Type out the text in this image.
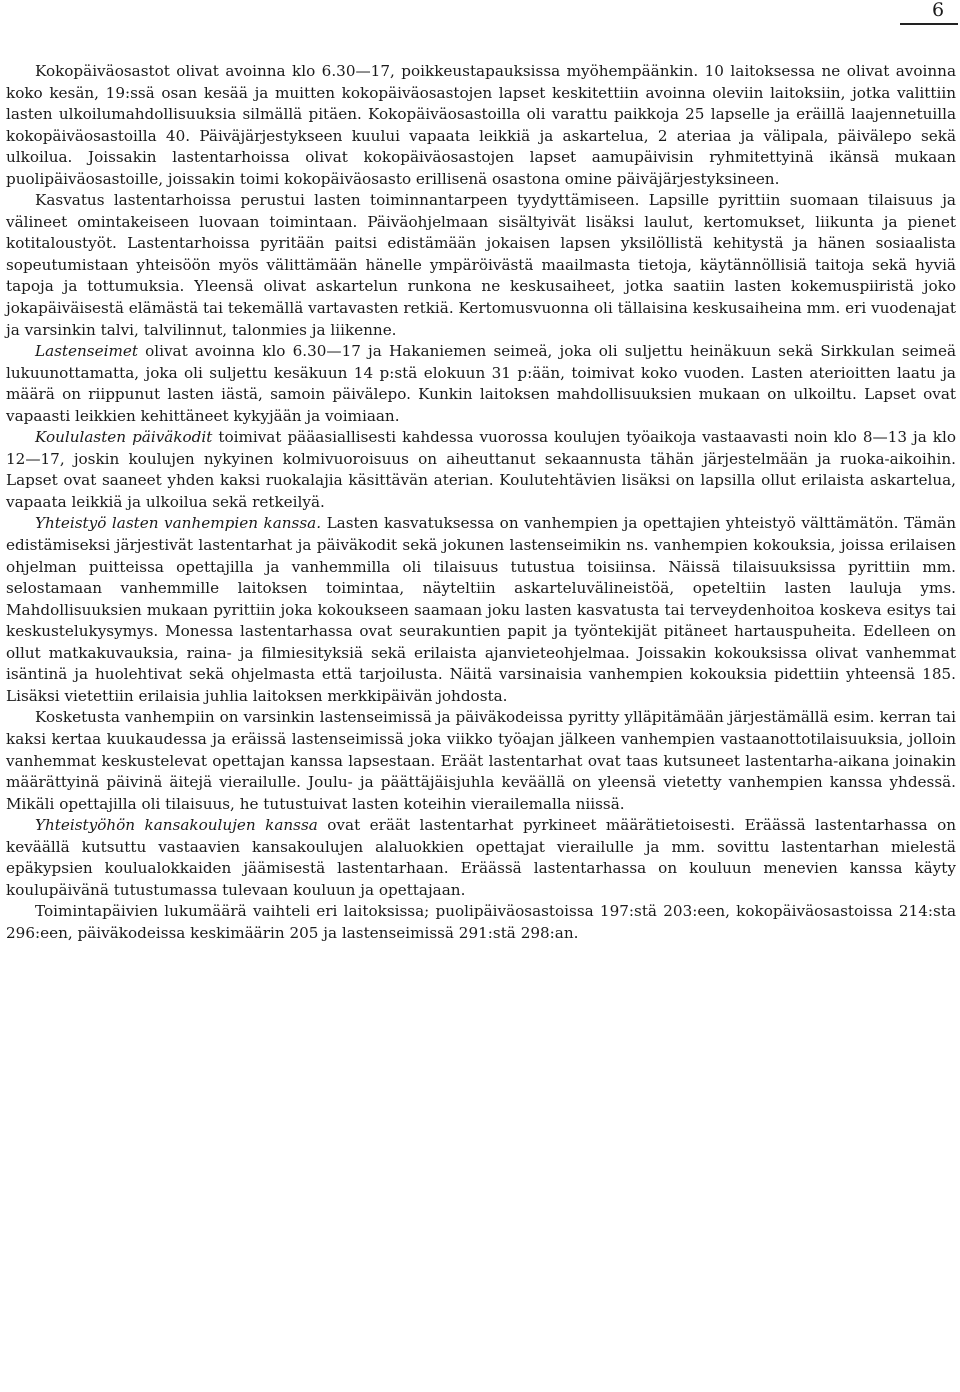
6

Kokopäiväosastot olivat avoinna klo 6.30—17, poikkeustapauksissa myöhempäänkin. 10 laitoksessa ne olivat avoinna koko kesän, 19:ssä osan kesää ja muitten kokopäiväosastojen lapset keskitettiin avoinna oleviin laitoksiin, jotka valittiin lasten ulkoilumahdollisuuksia silmällä pitäen. Kokopäiväosastoilla oli varattu paikkoja 25 lapselle ja eräillä laajennetuilla kokopäiväosastoilla 40. Päiväjärjestykseen kuului vapaata leikkiä ja askartelua, 2 ateriaa ja välipala, päivälepo sekä ulkoilua. Joissakin lastentarhoissa olivat kokopäiväosastojen lapset aamupäivisin ryhmitettyinä ikänsä mukaan puolipäiväosastoille, joissakin toimi kokopäiväosasto erillisenä osastona omine päiväjärjestyksineen.

Kasvatus lastentarhoissa perustui lasten toiminnantarpeen tyydyttämiseen. Lapsille pyrittiin suomaan tilaisuus ja välineet omintakeiseen luovaan toimintaan. Päiväohjelmaan sisältyivät lisäksi laulut, kertomukset, liikunta ja pienet kotitaloustyöt. Lastentarhoissa pyritään paitsi edistämään jokaisen lapsen yksilöllistä kehitystä ja hänen sosiaalista sopeutumistaan yhteisöön myös välittämään hänelle ympäröivästä maailmasta tietoja, käytännöllisiä taitoja sekä hyviä tapoja ja tottumuksia. Yleensä olivat askartelun runkona ne keskusaiheet, jotka saatiin lasten kokemuspiiristä joko jokapäiväisestä elämästä tai tekemällä vartavasten retkiä. Kertomusvuonna oli tällaisina keskusaiheina mm. eri vuodenajat ja varsinkin talvi, talvilinnut, talonmies ja liikenne.

Lastenseimet olivat avoinna klo 6.30—17 ja Hakaniemen seimeä, joka oli suljettu heinäkuun sekä Sirkkulan seimeä lukuunottamatta, joka oli suljettu kesäkuun 14 p:stä elokuun 31 p:ään, toimivat koko vuoden. Lasten aterioitten laatu ja määrä on riippunut lasten iästä, samoin päivälepo. Kunkin laitoksen mahdollisuuksien mukaan on ulkoiltu. Lapset ovat vapaasti leikkien kehittäneet kykyjään ja voimiaan.

Koululasten päiväkodit toimivat pääasiallisesti kahdessa vuorossa koulujen työaikoja vastaavasti noin klo 8—13 ja klo 12—17, joskin koulujen nykyinen kolmivuoroisuus on aiheuttanut sekaannusta tähän järjestelmään ja ruoka-aikoihin. Lapset ovat saaneet yhden kaksi ruokalajia käsittävän aterian. Koulutehtävien lisäksi on lapsilla ollut erilaista askartelua, vapaata leikkiä ja ulkoilua sekä retkeilyä.

Yhteistyö lasten vanhempien kanssa. Lasten kasvatuksessa on vanhempien ja opettajien yhteistyö välttämätön. Tämän edistämiseksi järjestivät lastentarhat ja päiväkodit sekä jokunen lastenseimikin ns. vanhempien kokouksia, joissa erilaisen ohjelman puitteissa opettajilla ja vanhemmilla oli tilaisuus tutustua toisiinsa. Näissä tilaisuuksissa pyrittiin mm. selostamaan vanhemmille laitoksen toimintaa, näyteltiin askarteluvälineistöä, opeteltiin lasten lauluja yms. Mahdollisuuksien mukaan pyrittiin joka kokoukseen saamaan joku lasten kasvatusta tai terveydenhoitoa koskeva esitys tai keskustelukysymys. Monessa lastentarhassa ovat seurakuntien papit ja työntekijät pitäneet hartauspuheita. Edelleen on ollut matkakuvauksia, raina- ja filmiesityksiä sekä erilaista ajanvieteohjelmaa. Joissakin kokouksissa olivat vanhemmat isäntinä ja huolehtivat sekä ohjelmasta että tarjoilusta. Näitä varsinaisia vanhempien kokouksia pidettiin yhteensä 185. Lisäksi vietettiin erilaisia juhlia laitoksen merkkipäivän johdosta.

Kosketusta vanhempiin on varsinkin lastenseimissä ja päiväkodeissa pyritty ylläpitämään järjestämällä esim. kerran tai kaksi kertaa kuukaudessa ja eräissä lastenseimissä joka viikko työajan jälkeen vanhempien vastaanottotilaisuuksia, jolloin vanhemmat keskustelevat opettajan kanssa lapsestaan. Eräät lastentarhat ovat taas kutsuneet lastentarha-aikana joinakin määrättyinä päivinä äitejä vierailulle. Joulu- ja päättäjäisjuhla keväällä on yleensä vietetty vanhempien kanssa yhdessä. Mikäli opettajilla oli tilaisuus, he tutustuivat lasten koteihin vierailemalla niissä.

Yhteistyöhön kansakoulujen kanssa ovat eräät lastentarhat pyrkineet määrätietoisesti. Eräässä lastentarhassa on keväällä kutsuttu vastaavien kansakoulujen alaluokkien opettajat vierailulle ja mm. sovittu lastentarhan mielestä epäkypsien koulualokkaiden jäämisestä lastentarhaan. Eräässä lastentarhassa on kouluun menevien kanssa käyty koulupäivänä tutustumassa tulevaan kouluun ja opettajaan.

Toimintapäivien lukumäärä vaihteli eri laitoksissa; puolipäiväosastoissa 197:stä 203:een, kokopäiväosastoissa 214:sta 296:een, päiväkodeissa keskimäärin 205 ja lastenseimissä 291:stä 298:an.
